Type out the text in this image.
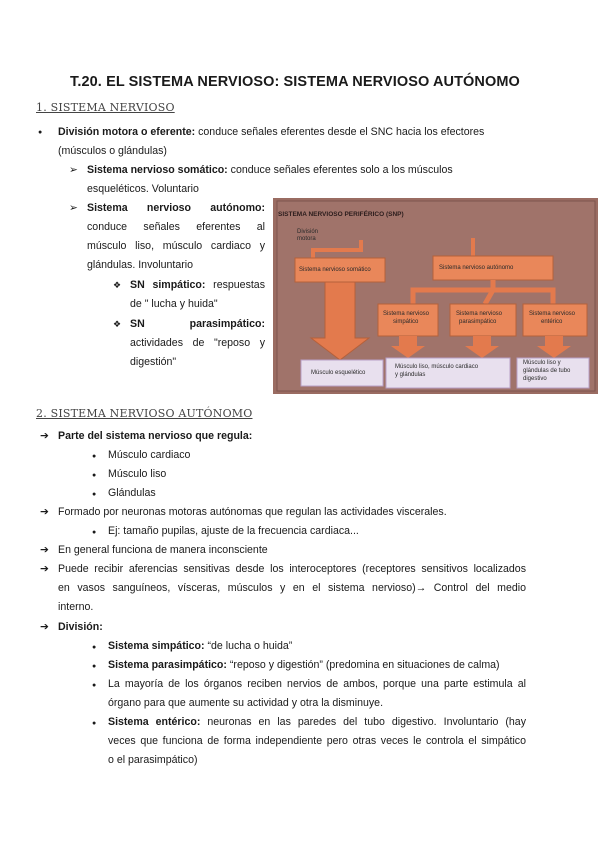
T.20. EL SISTEMA NERVIOSO: SISTEMA NERVIOSO AUTÓNOMO
1. SISTEMA NERVIOSO
● División motora o eferente: conduce señales eferentes desde el SNC hacia los efectores
(músculos o glándulas)
➢ Sistema nervioso somático: conduce señales eferentes solo a los músculos
esqueléticos. Voluntario
➢ Sistema nervioso autónomo:
conduce señales eferentes al
músculo liso, músculo cardiaco y
glándulas. Involuntario
❖ SN simpático: respuestas
de " lucha y huida"
❖ SN parasimpático:
actividades de "reposo y
digestión"
SISTEMA NERVIOSO PERIFÉRICO (SNP)
División
motora
Sistema nervioso somático	Sistema nervioso autónomo
Sistema nervioso
simpático
Sistema nervioso
parasimpático
Sistema nervioso
entérico
Músculo esquelético
Músculo liso, músculo cardiaco
y glándulas
Músculo liso y
glándulas de tubo
digestivo
2. SISTEMA NERVIOSO AUTÓNOMO
➔ Parte del sistema nervioso que regula:
● Músculo cardiaco
● Músculo liso
● Glándulas
➔ Formado por neuronas motoras autónomas que regulan las actividades viscerales.
● Ej: tamaño pupilas, ajuste de la frecuencia cardiaca...
➔ En general funciona de manera inconsciente
➔ Puede recibir aferencias sensitivas desde los interoceptores (receptores sensitivos localizados
en vasos sanguíneos, vísceras, músculos y en el sistema nervioso)→ Control del medio
interno.
➔ División:
● Sistema simpático: “de lucha o huida”
● Sistema parasimpático: “reposo y digestión” (predomina en situaciones de calma)
● La mayoría de los órganos reciben nervios de ambos, porque una parte estimula al
órgano para que aumente su actividad y otra la disminuye.
● Sistema entérico: neuronas en las paredes del tubo digestivo. Involuntario (hay
veces que funciona de forma independiente pero otras veces le controla el simpático
o el parasimpático)
